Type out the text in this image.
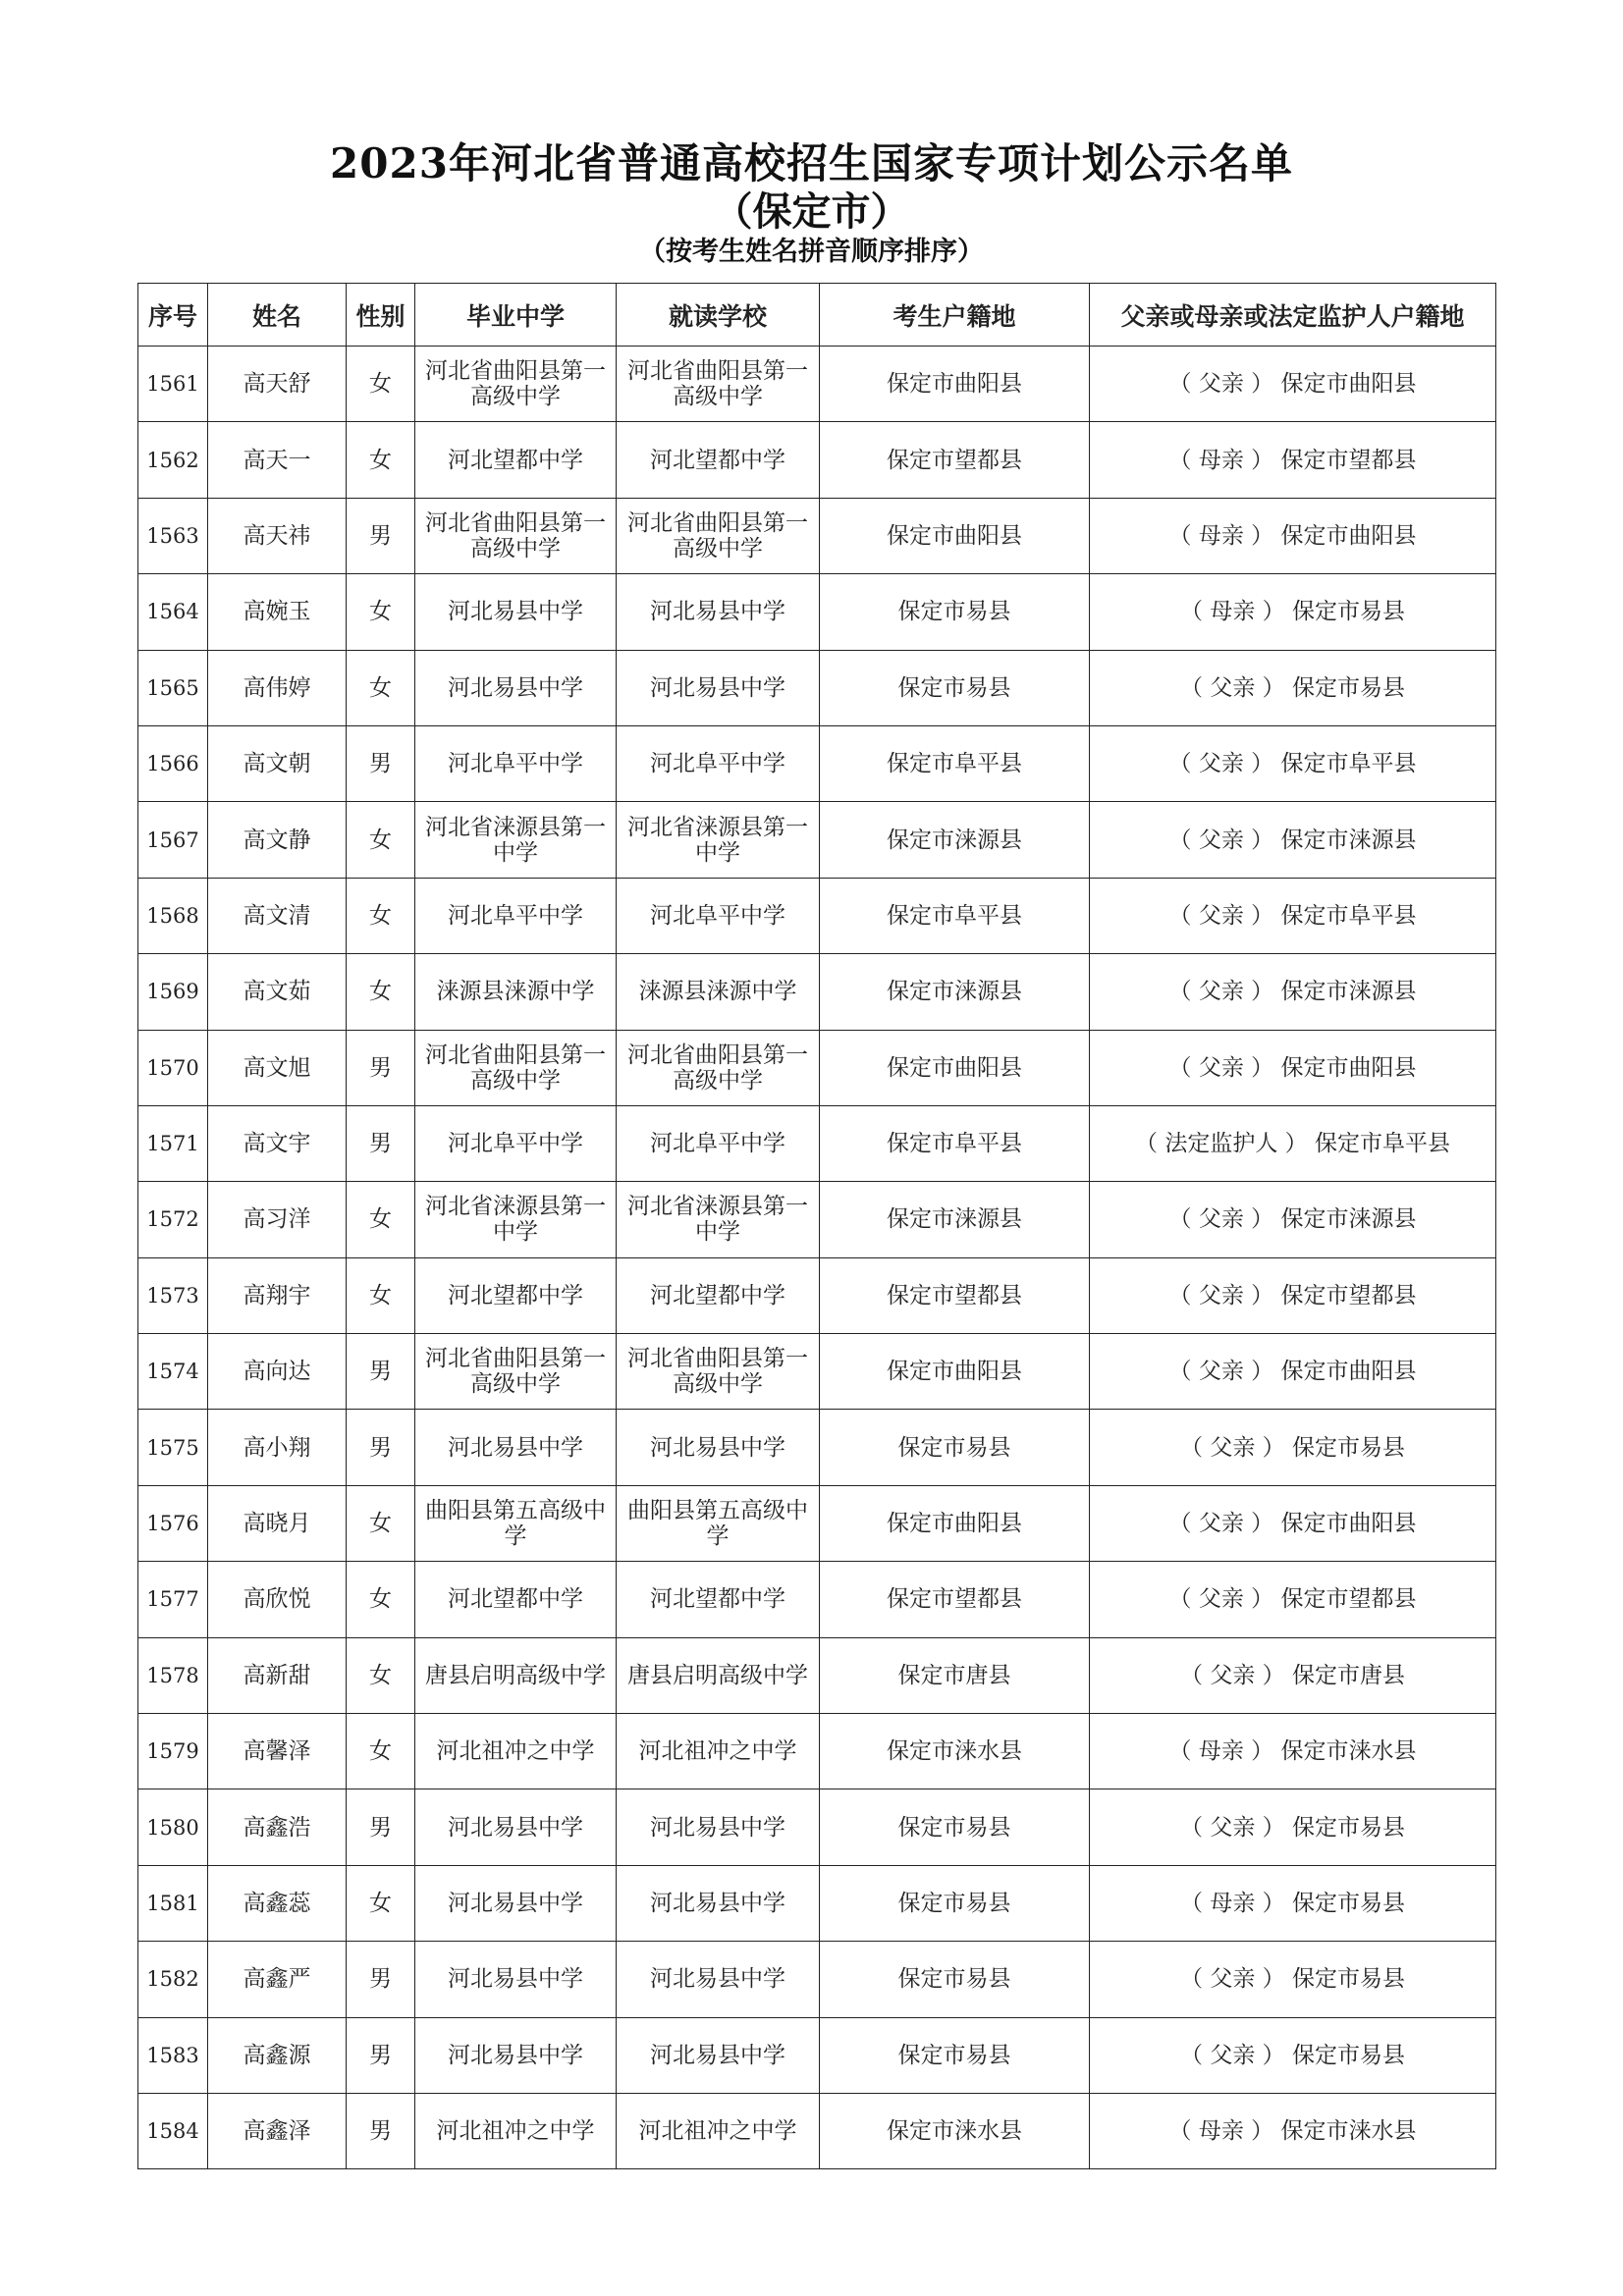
2023年河北省普通高校招生国家专项计划公示名单
（保定市）
（按考生姓名拼音顺序排序）
序号	姓名	性别	毕业中学	就读学校	考生户籍地	父亲或母亲或法定监护人户籍地
1561	高天舒	女	河北省曲阳县第一高级中学	河北省曲阳县第一高级中学	保定市曲阳县	（ 父亲 ） 保定市曲阳县
1562	高天一	女	河北望都中学	河北望都中学	保定市望都县	（ 母亲 ） 保定市望都县
1563	高天祎	男	河北省曲阳县第一高级中学	河北省曲阳县第一高级中学	保定市曲阳县	（ 母亲 ） 保定市曲阳县
1564	高婉玉	女	河北易县中学	河北易县中学	保定市易县	（ 母亲 ） 保定市易县
1565	高伟婷	女	河北易县中学	河北易县中学	保定市易县	（ 父亲 ） 保定市易县
1566	高文朝	男	河北阜平中学	河北阜平中学	保定市阜平县	（ 父亲 ） 保定市阜平县
1567	高文静	女	河北省涞源县第一中学	河北省涞源县第一中学	保定市涞源县	（ 父亲 ） 保定市涞源县
1568	高文清	女	河北阜平中学	河北阜平中学	保定市阜平县	（ 父亲 ） 保定市阜平县
1569	高文茹	女	涞源县涞源中学	涞源县涞源中学	保定市涞源县	（ 父亲 ） 保定市涞源县
1570	高文旭	男	河北省曲阳县第一高级中学	河北省曲阳县第一高级中学	保定市曲阳县	（ 父亲 ） 保定市曲阳县
1571	高文宇	男	河北阜平中学	河北阜平中学	保定市阜平县	（ 法定监护人 ） 保定市阜平县
1572	高习洋	女	河北省涞源县第一中学	河北省涞源县第一中学	保定市涞源县	（ 父亲 ） 保定市涞源县
1573	高翔宇	女	河北望都中学	河北望都中学	保定市望都县	（ 父亲 ） 保定市望都县
1574	高向达	男	河北省曲阳县第一高级中学	河北省曲阳县第一高级中学	保定市曲阳县	（ 父亲 ） 保定市曲阳县
1575	高小翔	男	河北易县中学	河北易县中学	保定市易县	（ 父亲 ） 保定市易县
1576	高晓月	女	曲阳县第五高级中学	曲阳县第五高级中学	保定市曲阳县	（ 父亲 ） 保定市曲阳县
1577	高欣悦	女	河北望都中学	河北望都中学	保定市望都县	（ 父亲 ） 保定市望都县
1578	高新甜	女	唐县启明高级中学	唐县启明高级中学	保定市唐县	（ 父亲 ） 保定市唐县
1579	高馨泽	女	河北祖冲之中学	河北祖冲之中学	保定市涞水县	（ 母亲 ） 保定市涞水县
1580	高鑫浩	男	河北易县中学	河北易县中学	保定市易县	（ 父亲 ） 保定市易县
1581	高鑫蕊	女	河北易县中学	河北易县中学	保定市易县	（ 母亲 ） 保定市易县
1582	高鑫严	男	河北易县中学	河北易县中学	保定市易县	（ 父亲 ） 保定市易县
1583	高鑫源	男	河北易县中学	河北易县中学	保定市易县	（ 父亲 ） 保定市易县
1584	高鑫泽	男	河北祖冲之中学	河北祖冲之中学	保定市涞水县	（ 母亲 ） 保定市涞水县
